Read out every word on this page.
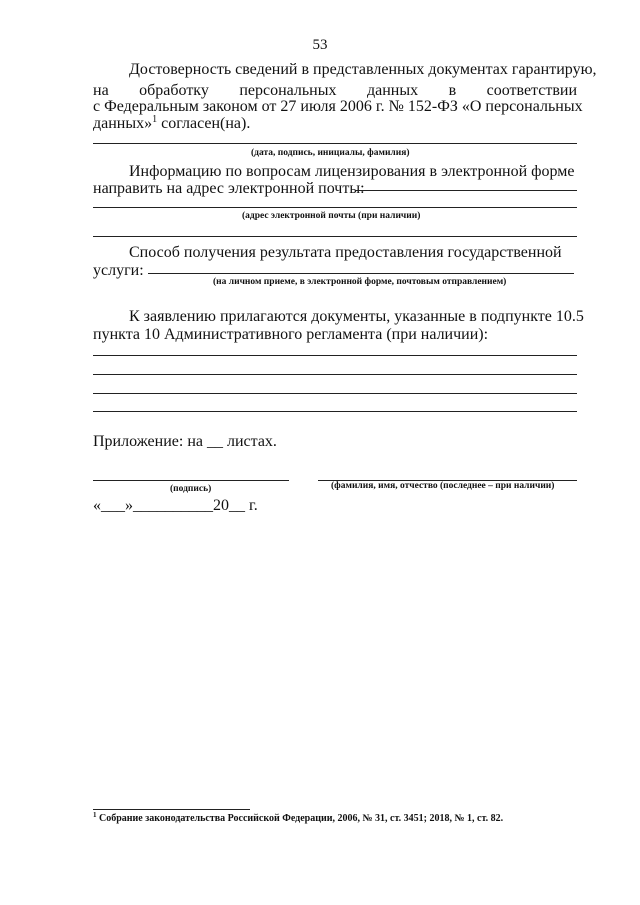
53
Достоверность сведений в представленных документах гарантирую,
на обработку персональных данных в соответствии
с Федеральным законом от 27 июля 2006 г. № 152-ФЗ «О персональных
данных»$^1$ согласен(на).
(дата, подпись, инициалы, фамилия)
Информацию по вопросам лицензирования в электронной форме
направить на адрес электронной почты:
(адрес электронной почты (при наличии)
Способ получения результата предоставления государственной
услуги:
(на личном приеме, в электронной форме, почтовым отправлением)
К заявлению прилагаются документы, указанные в подпункте 10.5
пункта 10 Административного регламента (при наличии):
Приложение: на __ листах.
(подпись)	(фамилия, имя, отчество (последнее – при наличии)
«___»__________20__ г.
$^1$ Собрание законодательства Российской Федерации, 2006, № 31, ст. 3451; 2018, № 1, ст. 82.
